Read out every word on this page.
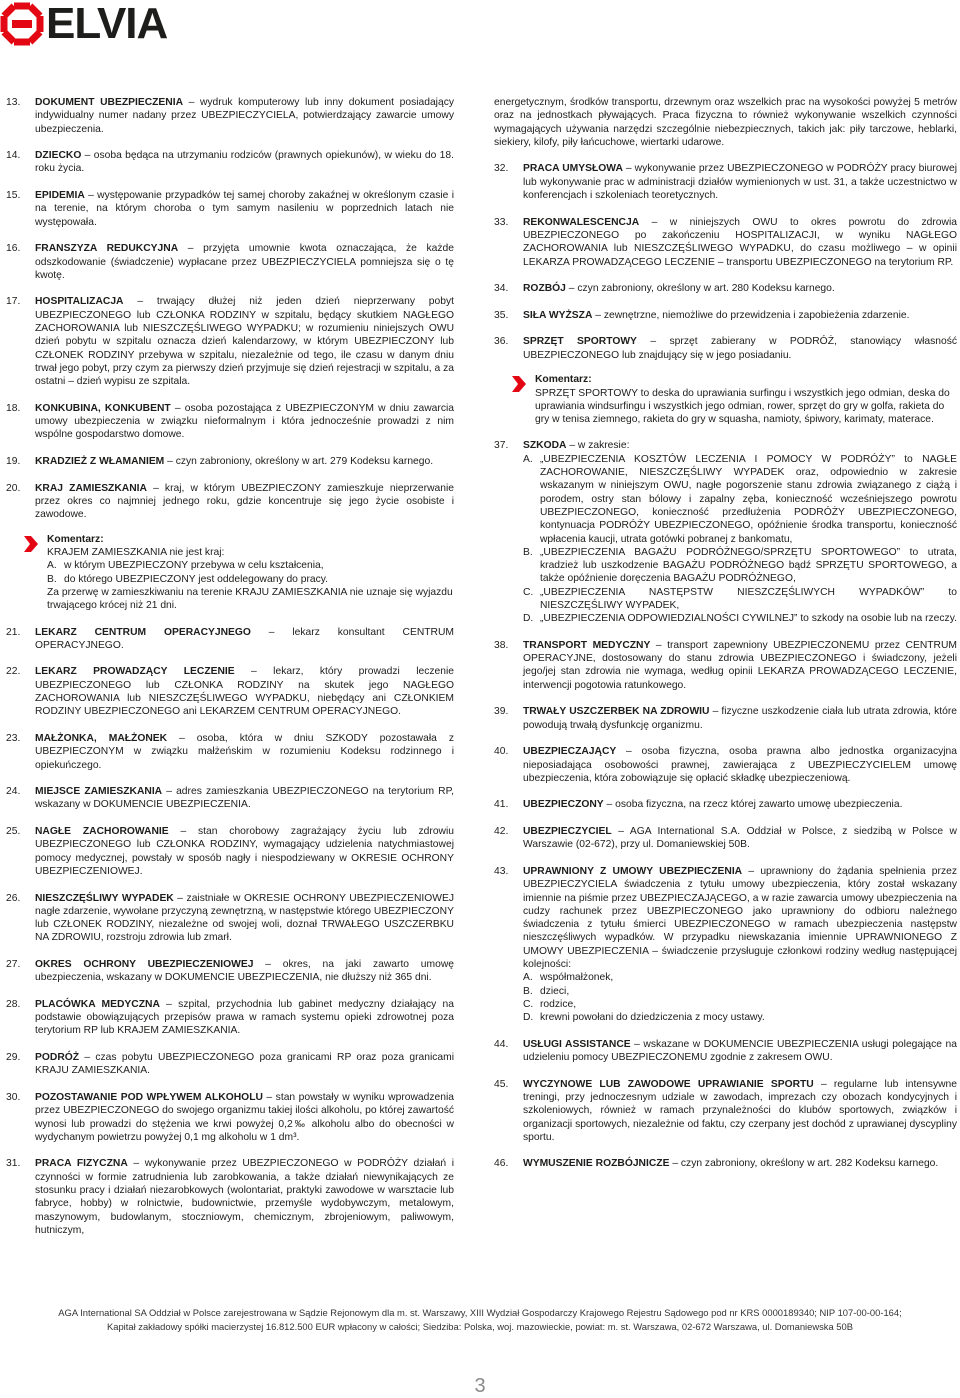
ELVIA
13.	DOKUMENT UBEZPIECZENIA – wydruk komputerowy lub inny dokument posiadający indywidualny numer nadany przez UBEZPIECZYCIELA, potwierdzający zawarcie umowy ubezpieczenia.
14.	DZIECKO – osoba będąca na utrzymaniu rodziców (prawnych opiekunów), w wieku do 18. roku życia.
15.	EPIDEMIA – występowanie przypadków tej samej choroby zakaźnej w określonym czasie i na terenie, na którym choroba o tym samym nasileniu w poprzednich latach nie występowała.
16.	FRANSZYZA REDUKCYJNA – przyjęta umownie kwota oznaczająca, że każde odszkodowanie (świadczenie) wypłacane przez UBEZPIECZYCIELA pomniejsza się o tę kwotę.
17.	HOSPITALIZACJA – trwający dłużej niż jeden dzień nieprzerwany pobyt UBEZPIECZONEGO lub CZŁONKA RODZINY w szpitalu, będący skutkiem NAGŁEGO ZACHOROWANIA lub NIESZCZĘŚLIWEGO WYPADKU; w rozumieniu niniejszych OWU dzień pobytu w szpitalu oznacza dzień kalendarzowy, w którym UBEZPIECZONY lub CZŁONEK RODZINY przebywa w szpitalu, niezależnie od tego, ile czasu w danym dniu trwał jego pobyt, przy czym za pierwszy dzień przyjmuje się dzień rejestracji w szpitalu, a za ostatni – dzień wypisu ze szpitala.
18.	KONKUBINA, KONKUBENT – osoba pozostająca z UBEZPIECZONYM w dniu zawarcia umowy ubezpieczenia w związku nieformalnym i która jednocześnie prowadzi z nim wspólne gospodarstwo domowe.
19.	KRADZIEŻ Z WŁAMANIEM – czyn zabroniony, określony w art. 279 Kodeksu karnego.
20.	KRAJ ZAMIESZKANIA – kraj, w którym UBEZPIECZONY zamieszkuje nieprzerwanie przez okres co najmniej jednego roku, gdzie koncentruje się jego życie osobiste i zawodowe.
Komentarz:
KRAJEM ZAMIESZKANIA nie jest kraj:
A. w którym UBEZPIECZONY przebywa w celu kształcenia,
B. do którego UBEZPIECZONY jest oddelegowany do pracy.
Za przerwę w zamieszkiwaniu na terenie KRAJU ZAMIESZKANIA nie uznaje się wyjazdu trwającego krócej niż 21 dni.
21.	LEKARZ CENTRUM OPERACYJNEGO – lekarz konsultant CENTRUM OPERACYJNEGO.
22.	LEKARZ PROWADZĄCY LECZENIE – lekarz, który prowadzi leczenie UBEZPIECZONEGO lub CZŁONKA RODZINY na skutek jego NAGŁEGO ZACHOROWANIA lub NIESZCZĘŚLIWEGO WYPADKU, niebędący ani CZŁONKIEM RODZINY UBEZPIECZONEGO ani LEKARZEM CENTRUM OPERACYJNEGO.
23.	MAŁŻONKA, MAŁŻONEK – osoba, która w dniu SZKODY pozostawała z UBEZPIECZONYM w związku małżeńskim w rozumieniu Kodeksu rodzinnego i opiekuńczego.
24.	MIEJSCE ZAMIESZKANIA – adres zamieszkania UBEZPIECZONEGO na terytorium RP, wskazany w DOKUMENCIE UBEZPIECZENIA.
25.	NAGŁE ZACHOROWANIE – stan chorobowy zagrażający życiu lub zdrowiu UBEZPIECZONEGO lub CZŁONKA RODZINY, wymagający udzielenia natychmiastowej pomocy medycznej, powstały w sposób nagły i niespodziewany w OKRESIE OCHRONY UBEZPIECZENIOWEJ.
26.	NIESZCZĘŚLIWY WYPADEK – zaistniałe w OKRESIE OCHRONY UBEZPIECZENIOWEJ nagłe zdarzenie, wywołane przyczyną zewnętrzną, w następstwie którego UBEZPIECZONY lub CZŁONEK RODZINY, niezależne od swojej woli, doznał TRWAŁEGO USZCZERBKU NA ZDROWIU, rozstroju zdrowia lub zmarł.
27.	OKRES OCHRONY UBEZPIECZENIOWEJ – okres, na jaki zawarto umowę ubezpieczenia, wskazany w DOKUMENCIE UBEZPIECZENIA, nie dłuższy niż 365 dni.
28.	PLACÓWKA MEDYCZNA – szpital, przychodnia lub gabinet medyczny działający na podstawie obowiązujących przepisów prawa w ramach systemu opieki zdrowotnej poza terytorium RP lub KRAJEM ZAMIESZKANIA.
29.	PODRÓŻ – czas pobytu UBEZPIECZONEGO poza granicami RP oraz poza granicami KRAJU ZAMIESZKANIA.
30.	POZOSTAWANIE POD WPŁYWEM ALKOHOLU – stan powstały w wyniku wprowadzenia przez UBEZPIECZONEGO do swojego organizmu takiej ilości alkoholu, po której zawartość wynosi lub prowadzi do stężenia we krwi powyżej 0,2‰ alkoholu albo do obecności w wydychanym powietrzu powyżej 0,1 mg alkoholu w 1 dm³.
31.	PRACA FIZYCZNA – wykonywanie przez UBEZPIECZONEGO w PODRÓŻY działań i czynności w formie zatrudnienia lub zarobkowania, a także działań niewynikających ze stosunku pracy i działań niezarobkowych (wolontariat, praktyki zawodowe w warsztacie lub fabryce, hobby) w rolnictwie, budownictwie, przemyśle wydobywczym, metalowym, maszynowym, budowlanym, stoczniowym, chemicznym, zbrojeniowym, paliwowym, hutniczym,
energetycznym, środków transportu, drzewnym oraz wszelkich prac na wysokości powyżej 5 metrów oraz na jednostkach pływających. Praca fizyczna to również wykonywanie wszelkich czynności wymagających używania narzędzi szczególnie niebezpiecznych, takich jak: piły tarczowe, heblarki, siekiery, kilofy, piły łańcuchowe, wiertarki udarowe.
32.	PRACA UMYSŁOWA – wykonywanie przez UBEZPIECZONEGO w PODRÓŻY pracy biurowej lub wykonywanie prac w administracji działów wymienionych w ust. 31, a także uczestnictwo w konferencjach i szkoleniach teoretycznych.
33.	REKONWALESCENCJA – w niniejszych OWU to okres powrotu do zdrowia UBEZPIECZONEGO po zakończeniu HOSPITALIZACJI, w wyniku NAGŁEGO ZACHOROWANIA lub NIESZCZĘŚLIWEGO WYPADKU, do czasu możliwego – w opinii LEKARZA PROWADZĄCEGO LECZENIE – transportu UBEZPIECZONEGO na terytorium RP.
34.	ROZBÓJ – czyn zabroniony, określony w art. 280 Kodeksu karnego.
35.	SIŁA WYŻSZA – zewnętrzne, niemożliwe do przewidzenia i zapobieżenia zdarzenie.
36.	SPRZĘT SPORTOWY – sprzęt zabierany w PODRÓŻ, stanowiący własność UBEZPIECZONEGO lub znajdujący się w jego posiadaniu.
Komentarz:
SPRZĘT SPORTOWY to deska do uprawiania surfingu i wszystkich jego odmian, deska do uprawiania windsurfingu i wszystkich jego odmian, rower, sprzęt do gry w golfa, rakieta do gry w tenisa ziemnego, rakieta do gry w squasha, namioty, śpiwory, karimaty, materace.
37.	SZKODA – w zakresie:
A. „UBEZPIECZENIA KOSZTÓW LECZENIA I POMOCY W PODRÓŻY” to NAGŁE ZACHOROWANIE, NIESZCZĘŚLIWY WYPADEK oraz, odpowiednio w zakresie wskazanym w niniejszym OWU, nagłe pogorszenie stanu zdrowia związanego z ciążą i porodem, ostry stan bólowy i zapalny zęba, konieczność wcześniejszego powrotu UBEZPIECZONEGO, konieczność przedłużenia PODRÓŻY UBEZPIECZONEGO, kontynuacja PODRÓŻY UBEZPIECZONEGO, opóźnienie środka transportu, konieczność wpłacenia kaucji, utrata gotówki pobranej z bankomatu,
B. „UBEZPIECZENIA BAGAŻU PODRÓŻNEGO/SPRZĘTU SPORTOWEGO” to utrata, kradzież lub uszkodzenie BAGAŻU PODRÓŻNEGO bądź SPRZĘTU SPORTOWEGO, a także opóźnienie doręczenia BAGAŻU PODRÓŻNEGO,
C. „UBEZPIECZENIA NASTĘPSTW NIESZCZĘŚLIWYCH WYPADKÓW” to NIESZCZĘŚLIWY WYPADEK,
D. „UBEZPIECZENIA ODPOWIEDZIALNOŚCI CYWILNEJ” to szkody na osobie lub na rzeczy.
38.	TRANSPORT MEDYCZNY – transport zapewniony UBEZPIECZONEMU przez CENTRUM OPERACYJNE, dostosowany do stanu zdrowia UBEZPIECZONEGO i świadczony, jeżeli jego/jej stan zdrowia nie wymaga, według opinii LEKARZA PROWADZĄCEGO LECZENIE, interwencji pogotowia ratunkowego.
39.	TRWAŁY USZCZERBEK NA ZDROWIU – fizyczne uszkodzenie ciała lub utrata zdrowia, które powodują trwałą dysfunkcję organizmu.
40.	UBEZPIECZAJĄCY – osoba fizyczna, osoba prawna albo jednostka organizacyjna nieposiadająca osobowości prawnej, zawierająca z UBEZPIECZYCIELEM umowę ubezpieczenia, która zobowiązuje się opłacić składkę ubezpieczeniową.
41.	UBEZPIECZONY – osoba fizyczna, na rzecz której zawarto umowę ubezpieczenia.
42.	UBEZPIECZYCIEL – AGA International S.A. Oddział w Polsce, z siedzibą w Polsce w Warszawie (02-672), przy ul. Domaniewskiej 50B.
43.	UPRAWNIONY Z UMOWY UBEZPIECZENIA – uprawniony do żądania spełnienia przez UBEZPIECZYCIELA świadczenia z tytułu umowy ubezpieczenia, który został wskazany imiennie na piśmie przez UBEZPIECZAJĄCEGO, a w razie zawarcia umowy ubezpieczenia na cudzy rachunek przez UBEZPIECZONEGO jako uprawniony do odbioru należnego świadczenia z tytułu śmierci UBEZPIECZONEGO w ramach ubezpieczenia następstw nieszczęśliwych wypadków. W przypadku niewskazania imiennie UPRAWNIONEGO Z UMOWY UBEZPIECZENIA – świadczenie przysługuje członkowi rodziny według następującej kolejności:
A. współmałżonek,
B. dzieci,
C. rodzice,
D. krewni powołani do dziedziczenia z mocy ustawy.
44.	USŁUGI ASSISTANCE – wskazane w DOKUMENCIE UBEZPIECZENIA usługi polegające na udzieleniu pomocy UBEZPIECZONEMU zgodnie z zakresem OWU.
45.	WYCZYNOWE LUB ZAWODOWE UPRAWIANIE SPORTU – regularne lub intensywne treningi, przy jednoczesnym udziale w zawodach, imprezach czy obozach kondycyjnych i szkoleniowych, również w ramach przynależności do klubów sportowych, związków i organizacji sportowych, niezależnie od faktu, czy czerpany jest dochód z uprawianej dyscypliny sportu.
46.	WYMUSZENIE ROZBÓJNICZE – czyn zabroniony, określony w art. 282 Kodeksu karnego.
AGA International SA Oddział w Polsce zarejestrowana w Sądzie Rejonowym dla m. st. Warszawy, XIII Wydział Gospodarczy Krajowego Rejestru Sądowego pod nr KRS 0000189340; NIP 107-00-00-164;
Kapitał zakładowy spółki macierzystej 16.812.500 EUR wpłacony w całości; Siedziba: Polska, woj. mazowieckie, powiat: m. st. Warszawa, 02-672 Warszawa, ul. Domaniewska 50B
3
